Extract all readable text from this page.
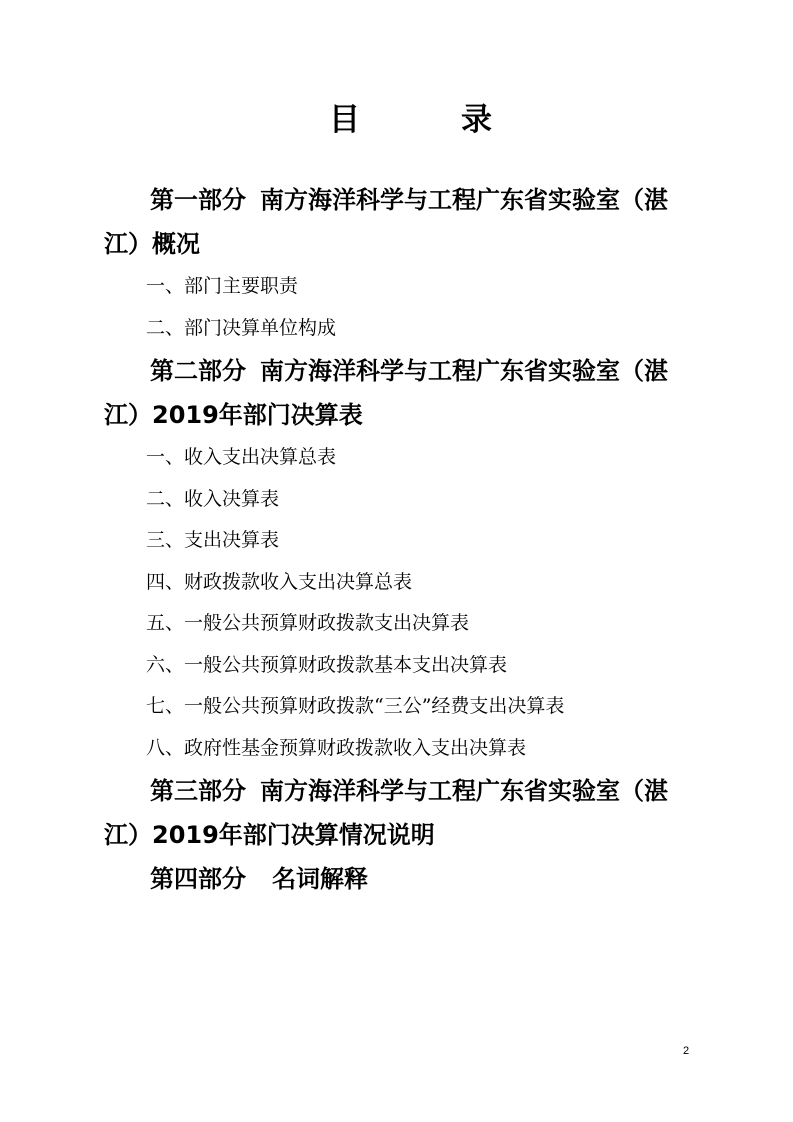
目	录
第一部分 南方海洋科学与工程广东省实验室（湛
江）概况
一、部门主要职责
二、部门决算单位构成
第二部分 南方海洋科学与工程广东省实验室（湛
江）2019年部门决算表
一、收入支出决算总表
二、收入决算表
三、支出决算表
四、财政拨款收入支出决算总表
五、一般公共预算财政拨款支出决算表
六、一般公共预算财政拨款基本支出决算表
七、一般公共预算财政拨款“三公”经费支出决算表
八、政府性基金预算财政拨款收入支出决算表
第三部分 南方海洋科学与工程广东省实验室（湛
江）2019年部门决算情况说明
第四部分 名词解释
2
